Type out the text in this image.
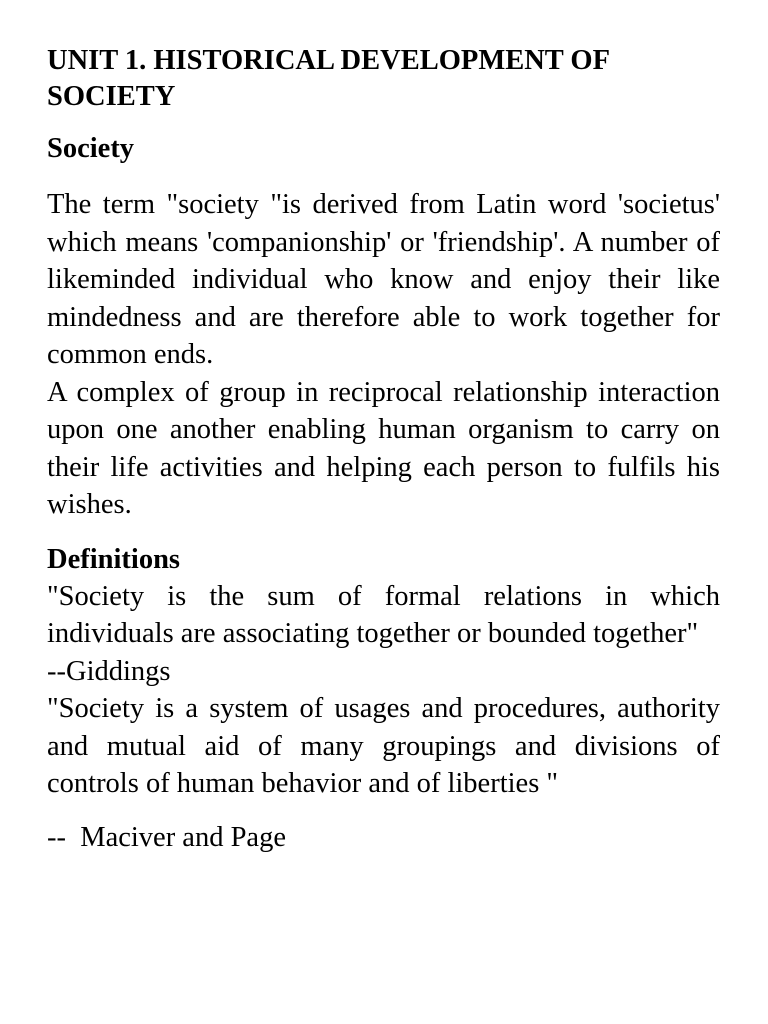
UNIT 1. HISTORICAL DEVELOPMENT OF SOCIETY
Society

The term "society "is derived from Latin word 'societus' which means 'companionship' or 'friendship'. A number of likeminded individual who know and enjoy their like mindedness and are therefore able to work together for common ends.

A complex of group in reciprocal relationship interaction upon one another enabling human organism to carry on their life activities and helping each person to fulfils his wishes.

Definitions

"Society is the sum of formal relations in which individuals are associating together or bounded together"

--Giddings

"Society is a system of usages and procedures, authority and mutual aid of many groupings and divisions of controls of human behavior and of liberties "

--  Maciver and Page
